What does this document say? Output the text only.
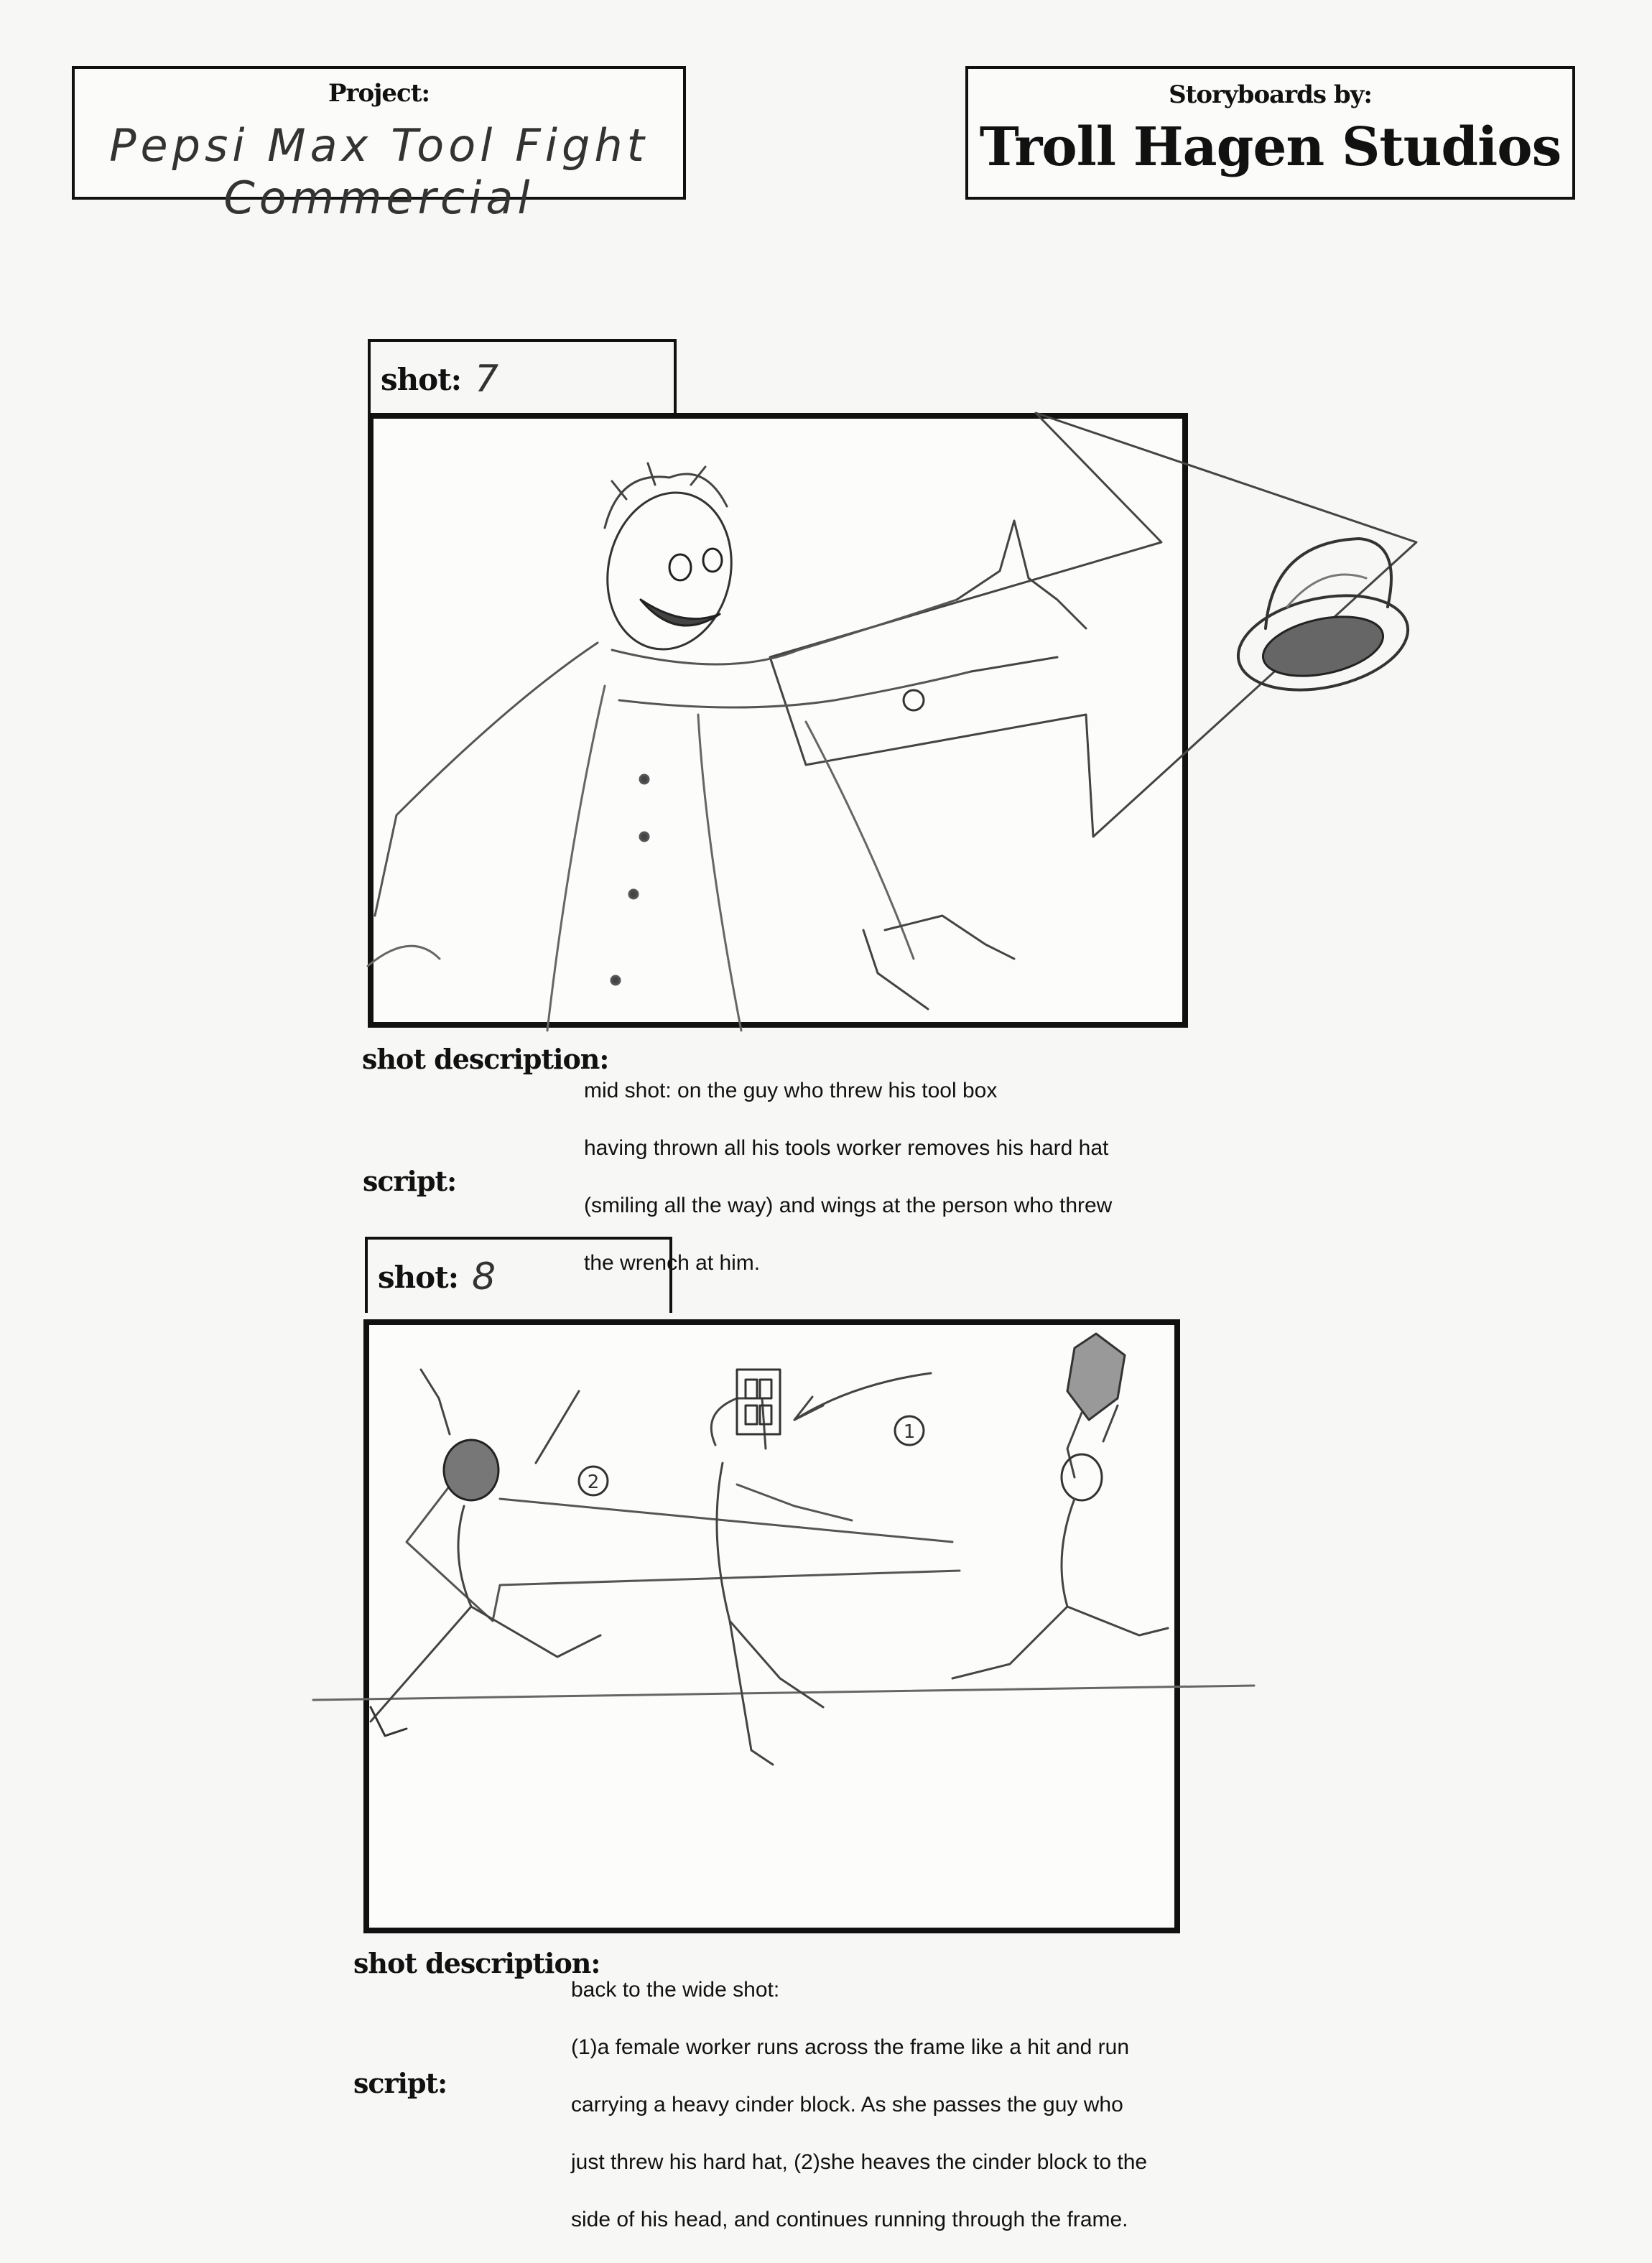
Project:
Pepsi Max Tool Fight Commercial
Storyboards by:
Troll Hagen Studios
shot: 7
shot description:

mid shot: on the guy who threw his tool box

having thrown all his tools worker removes his hard hat

(smiling all the way) and wings at the person who threw

the wrench at him.

script:
shot: 8
1
2
shot description:

back to the wide shot:

(1)a female worker runs across the frame like a hit and run

carrying a heavy cinder block. As she passes the guy who

just threw his hard hat, (2)she heaves the cinder block to the

side of his head, and continues running through the frame.

script:
